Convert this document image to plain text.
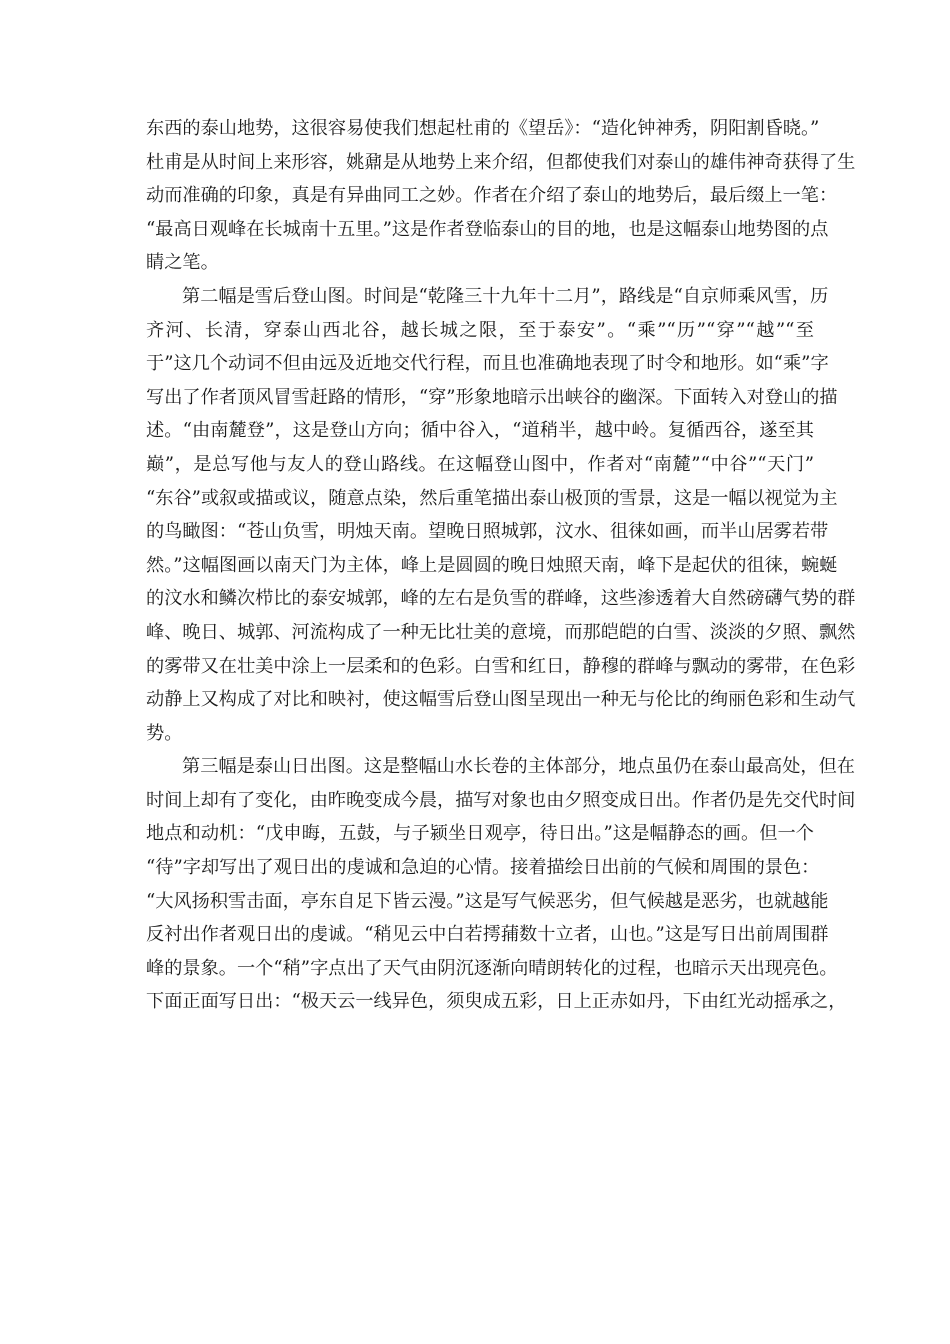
东西的泰山地势，这很容易使我们想起杜甫的《望岳》：“造化钟神秀，阴阳割昏晓。”
杜甫是从时间上来形容，姚鼐是从地势上来介绍，但都使我们对泰山的雄伟神奇获得了生
动而准确的印象，真是有异曲同工之妙。作者在介绍了泰山的地势后，最后缀上一笔：
“最高日观峰在长城南十五里。”这是作者登临泰山的目的地，也是这幅泰山地势图的点
睛之笔。
第二幅是雪后登山图。时间是“乾隆三十九年十二月”，路线是“自京师乘风雪，历
齐河、长清，穿泰山西北谷，越长城之限，至于泰安”。“乘”“历”“穿”“越”“至
于”这几个动词不但由远及近地交代行程，而且也准确地表现了时令和地形。如“乘”字
写出了作者顶风冒雪赶路的情形，“穿”形象地暗示出峡谷的幽深。下面转入对登山的描
述。“由南麓登”，这是登山方向；循中谷入，“道稍半，越中岭。复循西谷，遂至其
巅”，是总写他与友人的登山路线。在这幅登山图中，作者对“南麓”“中谷”“天门”
“东谷”或叙或描或议，随意点染，然后重笔描出泰山极顶的雪景，这是一幅以视觉为主
的鸟瞰图：“苍山负雪，明烛天南。望晚日照城郭，汶水、徂徕如画，而半山居雾若带
然。”这幅图画以南天门为主体，峰上是圆圆的晚日烛照天南，峰下是起伏的徂徕，蜿蜒
的汶水和鳞次栉比的泰安城郭，峰的左右是负雪的群峰，这些渗透着大自然磅礴气势的群
峰、晚日、城郭、河流构成了一种无比壮美的意境，而那皑皑的白雪、淡淡的夕照、飘然
的雾带又在壮美中涂上一层柔和的色彩。白雪和红日，静穆的群峰与飘动的雾带，在色彩
动静上又构成了对比和映衬，使这幅雪后登山图呈现出一种无与伦比的绚丽色彩和生动气
势。
第三幅是泰山日出图。这是整幅山水长卷的主体部分，地点虽仍在泰山最高处，但在
时间上却有了变化，由昨晚变成今晨，描写对象也由夕照变成日出。作者仍是先交代时间
地点和动机：“戊申晦，五鼓，与子颍坐日观亭，待日出。”这是幅静态的画。但一个
“待”字却写出了观日出的虔诚和急迫的心情。接着描绘日出前的气候和周围的景色：
“大风扬积雪击面，亭东自足下皆云漫。”这是写气候恶劣，但气候越是恶劣，也就越能
反衬出作者观日出的虔诚。“稍见云中白若摴蒱数十立者，山也。”这是写日出前周围群
峰的景象。一个“稍”字点出了天气由阴沉逐渐向晴朗转化的过程，也暗示天出现亮色。
下面正面写日出：“极天云一线异色，须臾成五彩，日上正赤如丹，下由红光动摇承之，
